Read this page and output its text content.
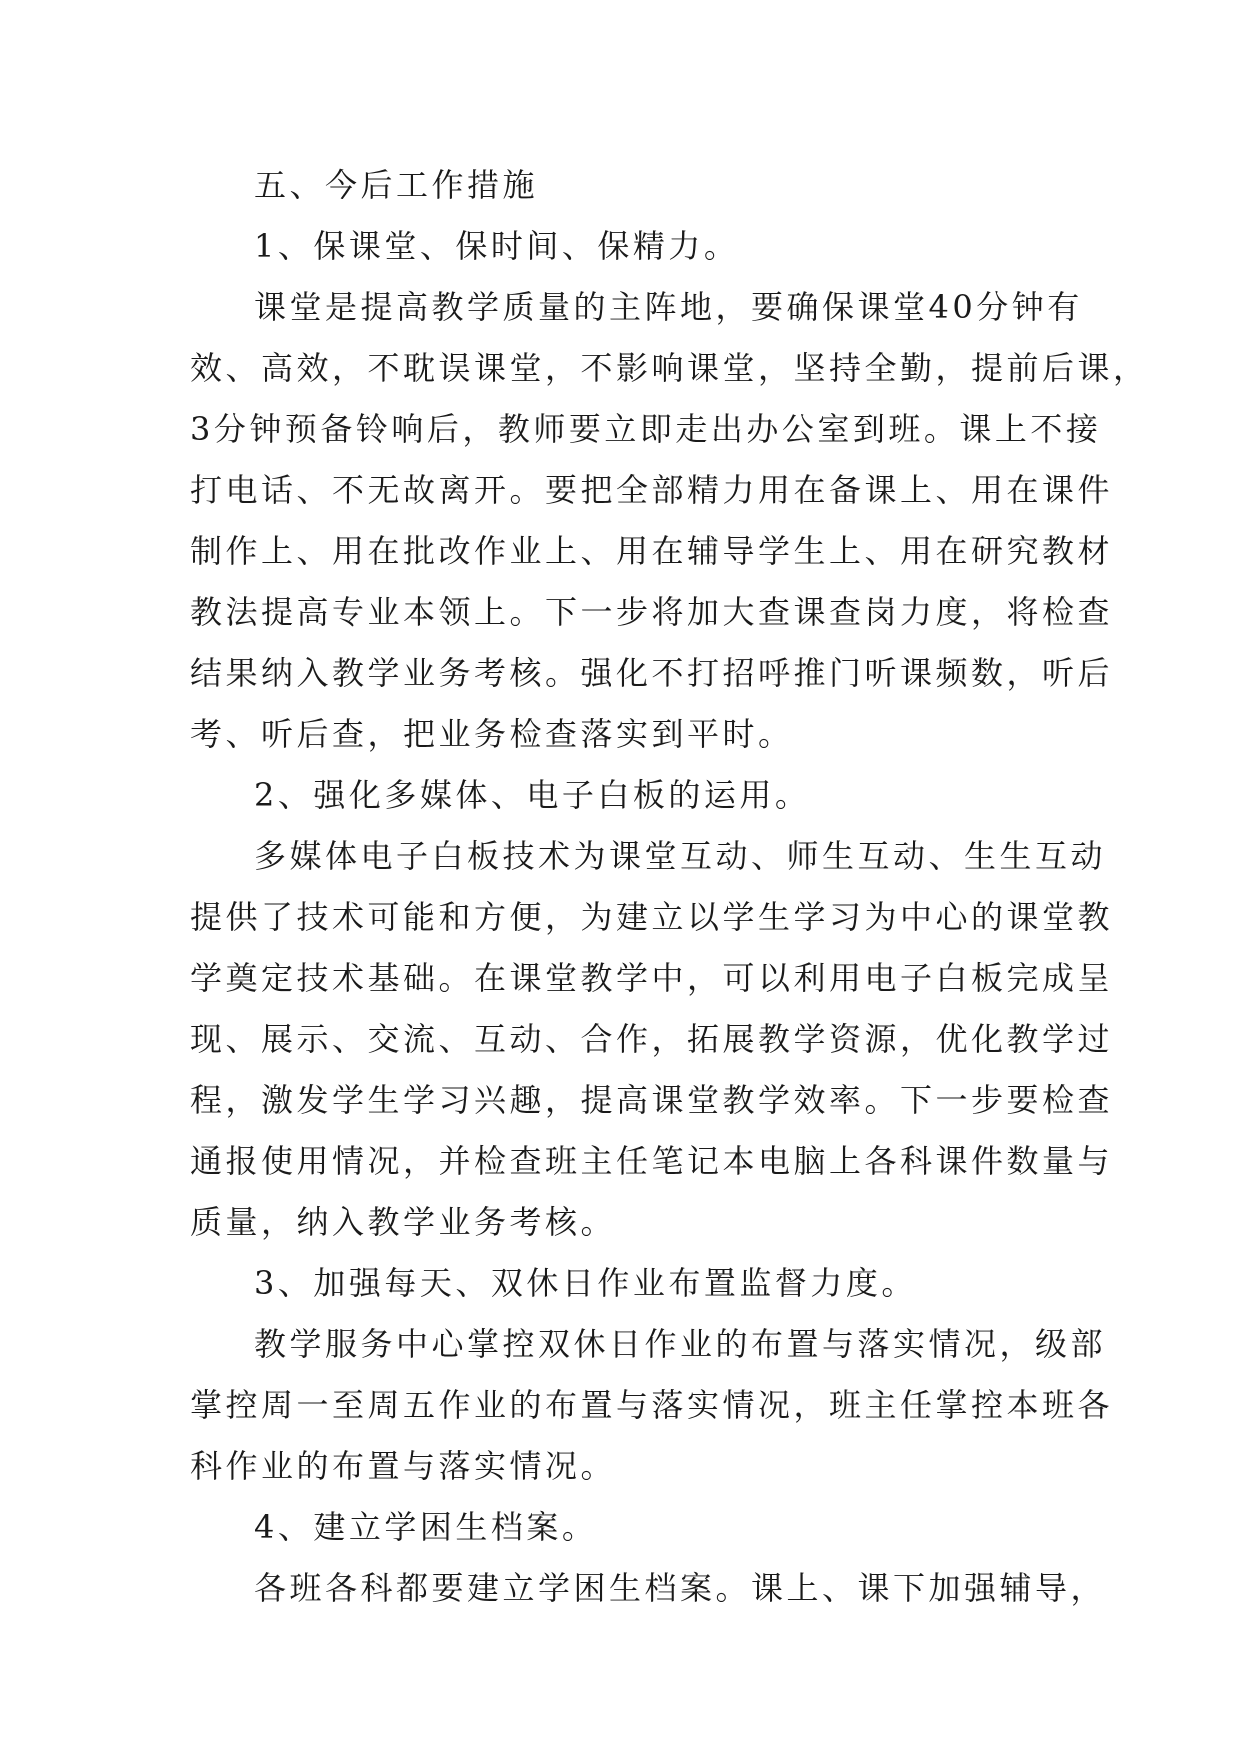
五、今后工作措施
1、保课堂、保时间、保精力。
课堂是提高教学质量的主阵地，要确保课堂40分钟有
效、高效，不耽误课堂，不影响课堂，坚持全勤，提前后课，
3分钟预备铃响后，教师要立即走出办公室到班。课上不接
打电话、不无故离开。要把全部精力用在备课上、用在课件
制作上、用在批改作业上、用在辅导学生上、用在研究教材
教法提高专业本领上。下一步将加大查课查岗力度，将检查
结果纳入教学业务考核。强化不打招呼推门听课频数，听后
考、听后查，把业务检查落实到平时。
2、强化多媒体、电子白板的运用。
多媒体电子白板技术为课堂互动、师生互动、生生互动
提供了技术可能和方便，为建立以学生学习为中心的课堂教
学奠定技术基础。在课堂教学中，可以利用电子白板完成呈
现、展示、交流、互动、合作，拓展教学资源，优化教学过
程，激发学生学习兴趣，提高课堂教学效率。下一步要检查
通报使用情况，并检查班主任笔记本电脑上各科课件数量与
质量，纳入教学业务考核。
3、加强每天、双休日作业布置监督力度。
教学服务中心掌控双休日作业的布置与落实情况，级部
掌控周一至周五作业的布置与落实情况，班主任掌控本班各
科作业的布置与落实情况。
4、建立学困生档案。
各班各科都要建立学困生档案。课上、课下加强辅导，
